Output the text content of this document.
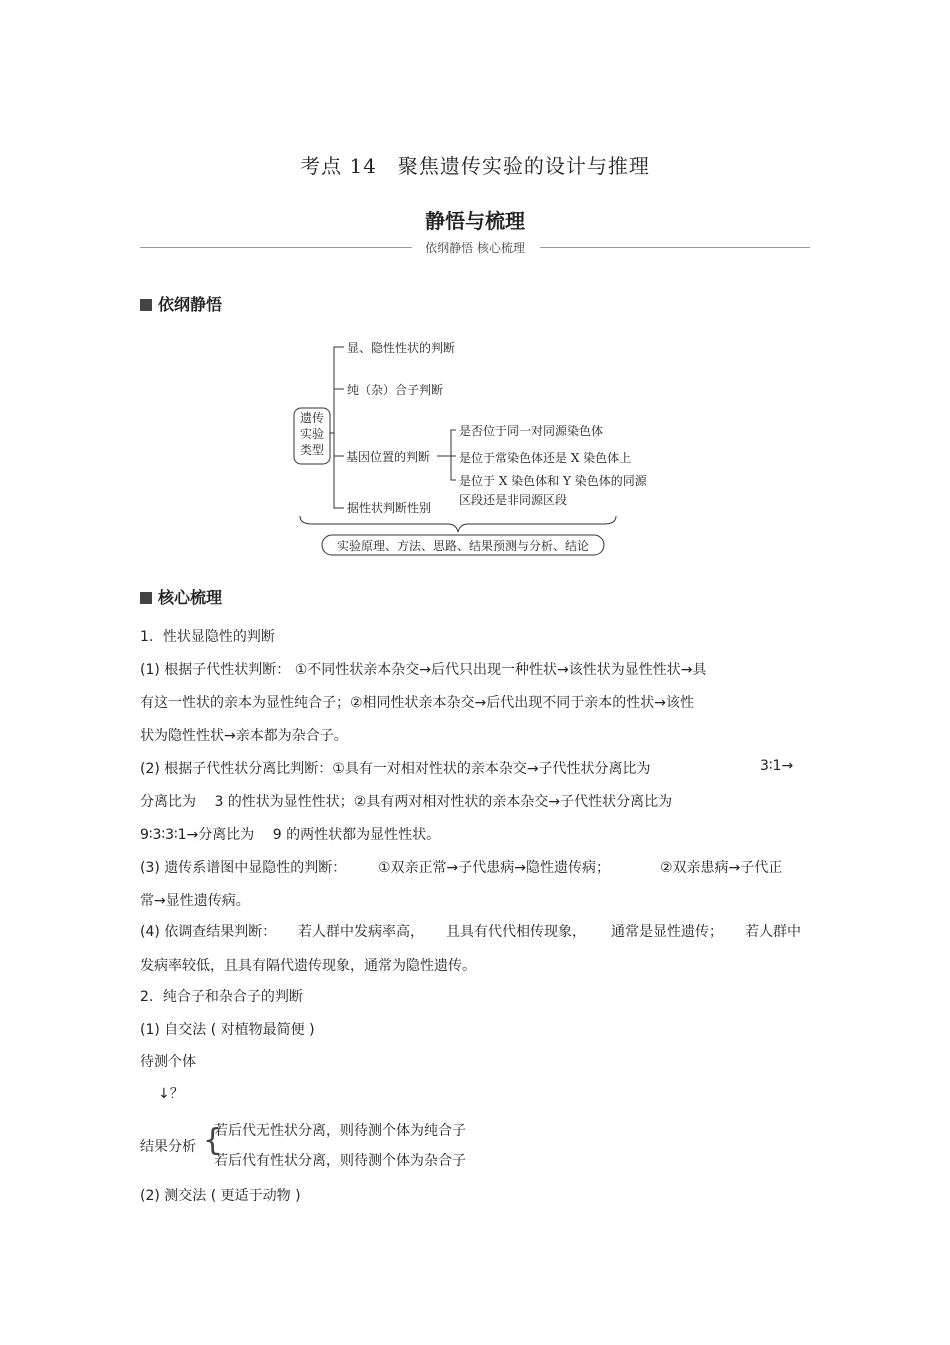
考点 14　聚焦遗传实验的设计与推理
静悟与梳理
依纲静悟 核心梳理
依纲静悟
遗传
实验
类型
显、隐性性状的判断
纯（杂）合子判断
基因位置的判断
据性状判断性别
是否位于同一对同源染色体
是位于常染色体还是 X 染色体上
是位于 X 染色体和 Y 染色体的同源
区段还是非同源区段
实验原理、方法、思路、结果预测与分析、结论
核心梳理
1．性状显隐性的判断
(1) 根据子代性状判断： ①不同性状亲本杂交→后代只出现一种性状→该性状为显性性状→具
有这一性状的亲本为显性纯合子；②相同性状亲本杂交→后代出现不同于亲本的性状→该性
状为隐性性状→亲本都为杂合子。
(2) 根据子代性状分离比判断：①具有一对相对性状的亲本杂交→子代性状分离比为	3∶1→
分离比为　 3 的性状为显性性状；②具有两对相对性状的亲本杂交→子代性状分离比为
9∶3∶3∶1→分离比为　 9 的两性状都为显性性状。
(3) 遗传系谱图中显隐性的判断： ①双亲正常→子代患病→隐性遗传病；	②双亲患病→子代正
常→显性遗传病。
(4) 依调查结果判断： 若人群中发病率高， 且具有代代相传现象， 通常是显性遗传； 若人群中
发病率较低，且具有隔代遗传现象，通常为隐性遗传。
2．纯合子和杂合子的判断
(1) 自交法 ( 对植物最简便 )
待测个体
↓？
结果分析 {
若后代无性状分离，则待测个体为纯合子
若后代有性状分离，则待测个体为杂合子
(2) 测交法 ( 更适于动物 )
